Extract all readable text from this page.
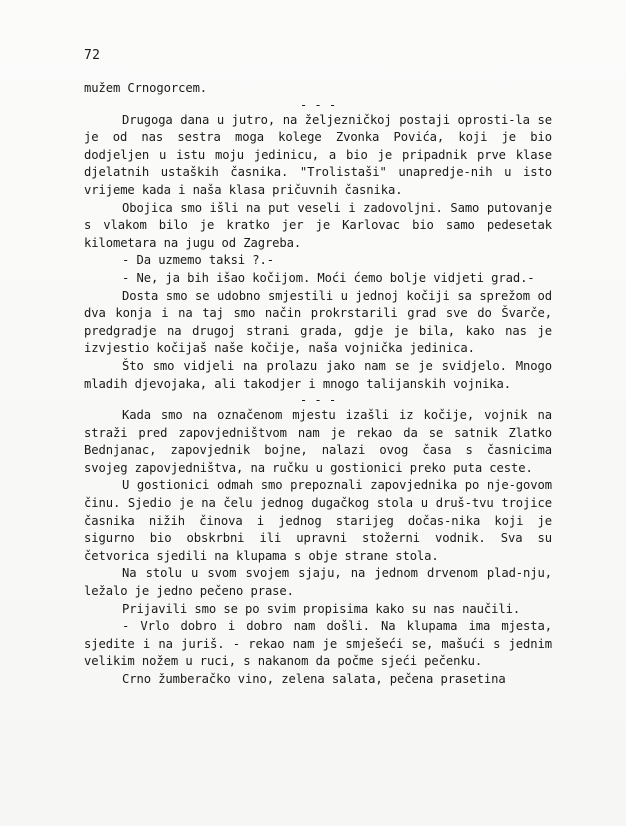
72

mužem Crnogorcem.

- - -

Drugoga dana u jutro, na željezničkoj postaji oprosti-la se je od nas sestra moga kolege Zvonka Povića, koji je bio dodjeljen u istu moju jedinicu, a bio je pripadnik prve klase djelatnih ustaških časnika. "Trolistaši" unapredje-nih u isto vrijeme kada i naša klasa pričuvnih časnika.

Obojica smo išli na put veseli i zadovoljni. Samo putovanje s vlakom bilo je kratko jer je Karlovac bio samo pedesetak kilometara na jugu od Zagreba.

- Da uzmemo taksi ?.-

- Ne, ja bih išao kočijom. Moći ćemo bolje vidjeti grad.-

Dosta smo se udobno smjestili u jednoj kočiji sa sprežom od dva konja i na taj smo način prokrstarili grad sve do Švarče, predgradje na drugoj strani grada, gdje je bila, kako nas je izvjestio kočijaš naše kočije, naša vojnička jedinica.

Što smo vidjeli na prolazu jako nam se je svidjelo. Mnogo mladih djevojaka, ali takodjer i mnogo talijanskih vojnika.

- - -

Kada smo na označenom mjestu izašli iz kočije, vojnik na straži pred zapovjedništvom nam je rekao da se satnik Zlatko Bednjanac, zapovjednik bojne, nalazi ovog časa s časnicima svojeg zapovjedništva, na ručku u gostionici preko puta ceste.

U gostionici odmah smo prepoznali zapovjednika po nje-govom činu. Sjedio je na čelu jednog dugačkog stola u druš-tvu trojice časnika nižih činova i jednog starijeg dočas-nika koji je sigurno bio obskrbni ili upravni stožerni vodnik. Sva su četvorica sjedili na klupama s obje strane stola.

Na stolu u svom svojem sjaju, na jednom drvenom plad-nju, ležalo je jedno pečeno prase.

Prijavili smo se po svim propisima kako su nas naučili.

- Vrlo dobro i dobro nam došli. Na klupama ima mjesta, sjedite i na juriš. - rekao nam je smješeći se, mašući s jednim velikim nožem u ruci, s nakanom da počme sjeći pečenku.

Crno žumberačko vino, zelena salata, pečena prasetina
